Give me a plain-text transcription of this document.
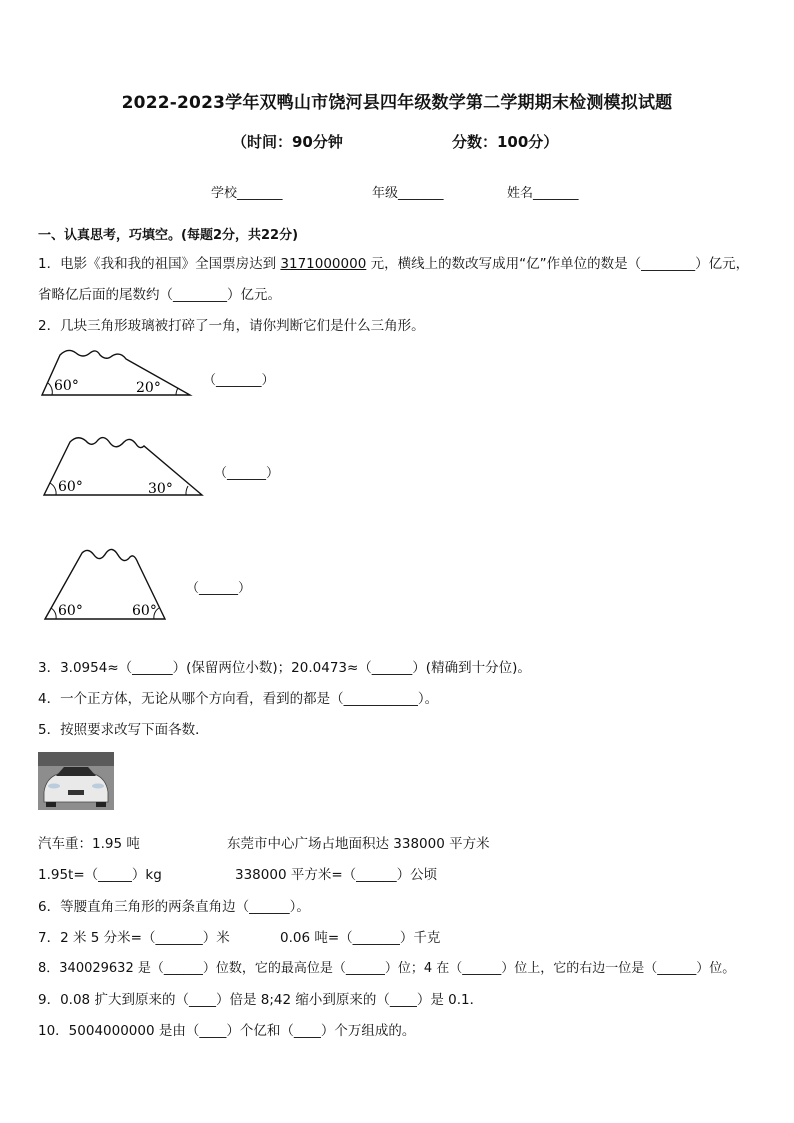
2022-2023学年双鸭山市饶河县四年级数学第二学期期末检测模拟试题
（时间：90分钟	分数：100分）
学校_______	年级_______	姓名_______
一、认真思考，巧填空。(每题2分，共22分)
1．电影《我和我的祖国》全国票房达到 3171000000 元，横线上的数改写成用“亿”作单位的数是（________）亿元，
省略亿后面的尾数约（________）亿元。
2．几块三角形玻璃被打碎了一角，请你判断它们是什么三角形。
60°	20°	（_______）
60°	30°
（______）
60°	60°
（______）
3．3.0954≈（______）(保留两位小数)；20.0473≈（______）(精确到十分位)。
4．一个正方体，无论从哪个方向看，看到的都是（___________）。
5．按照要求改写下面各数．
汽车重：1.95 吨	东莞市中心广场占地面积达 338000 平方米
1.95t=（_____）kg	338000 平方米=（______）公顷
6．等腰直角三角形的两条直角边（______）。
7．2 米 5 分米=（_______）米	0.06 吨=（_______）千克
8．340029632 是（______）位数，它的最高位是（______）位；4 在（______）位上，它的右边一位是（______）位。
9．0.08 扩大到原来的（____）倍是 8;42 缩小到原来的（____）是 0.1．
10．5004000000 是由（____）个亿和（____）个万组成的。
